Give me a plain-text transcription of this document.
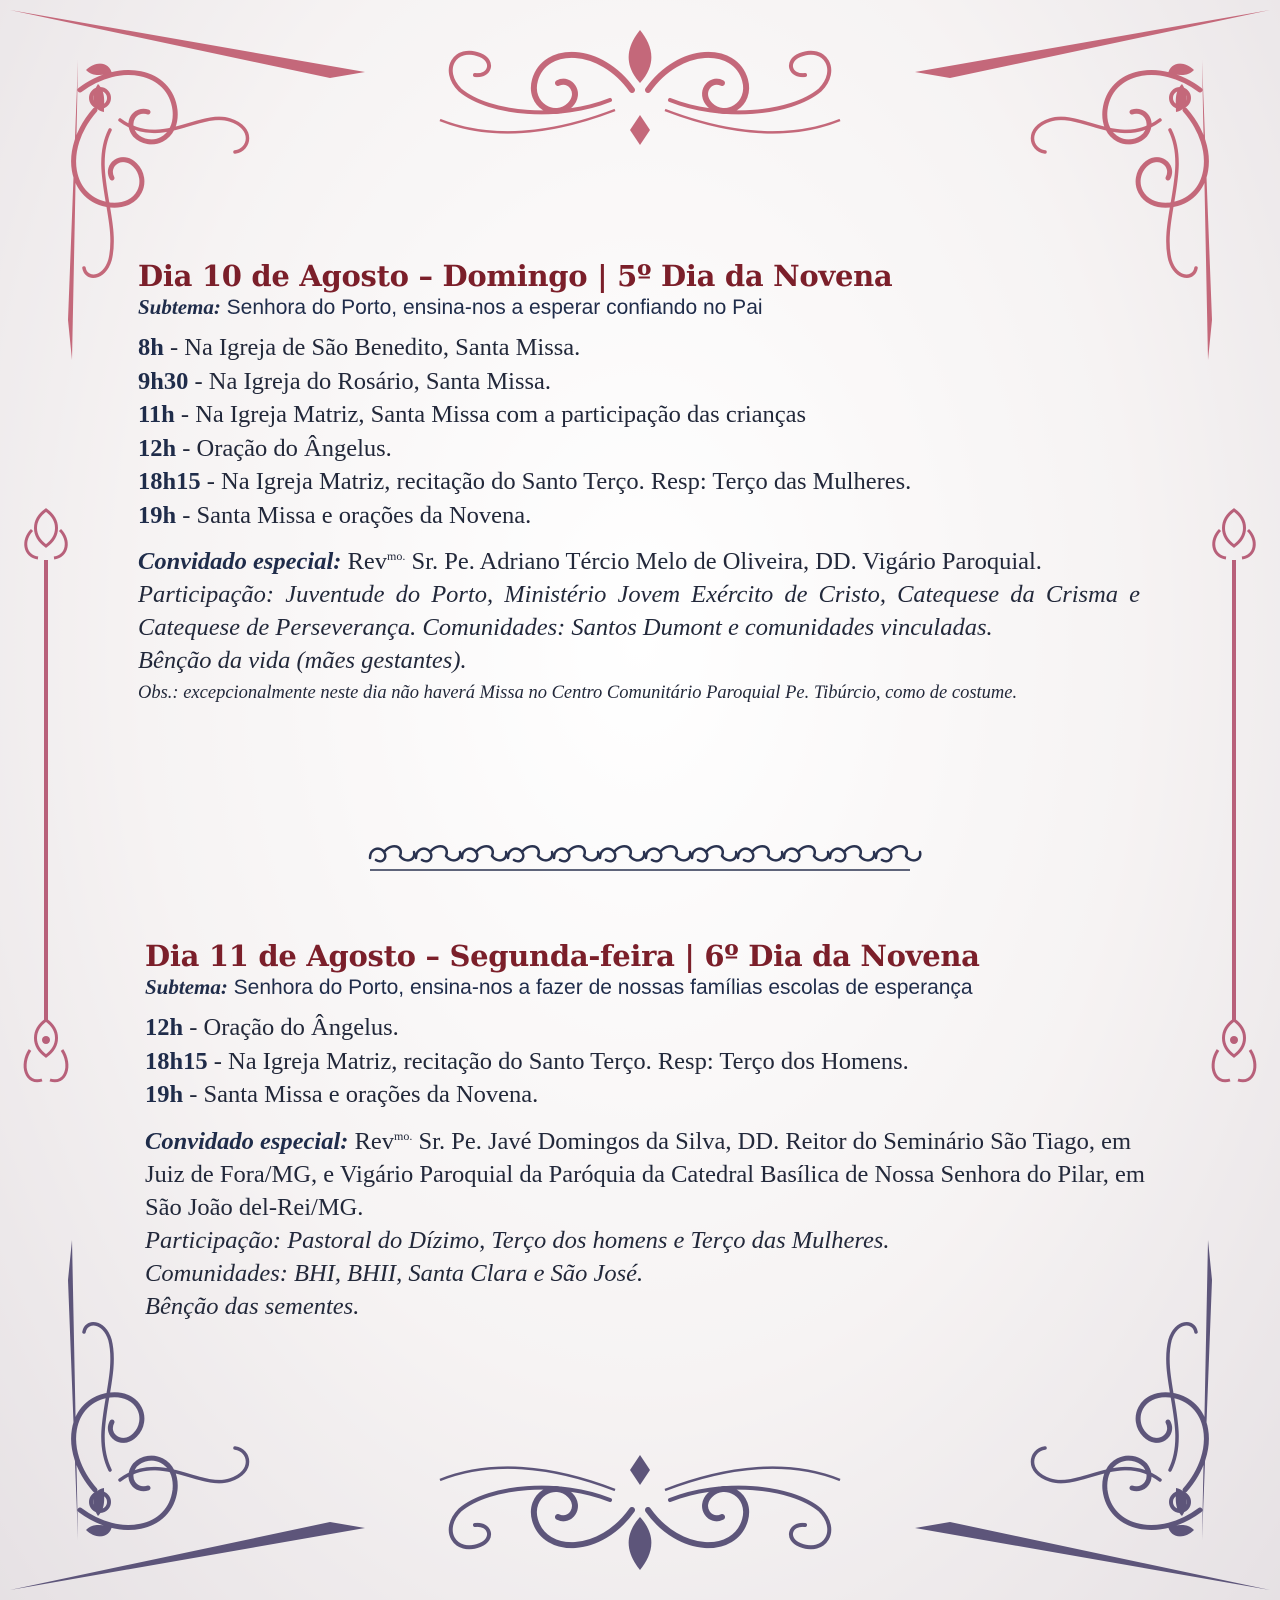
Dia 10 de Agosto – Domingo | 5º Dia da Novena

Subtema: Senhora do Porto, ensina-nos a esperar confiando no Pai

8h - Na Igreja de São Benedito, Santa Missa.
9h30 - Na Igreja do Rosário, Santa Missa.
11h - Na Igreja Matriz, Santa Missa com a participação das crianças
12h - Oração do Ângelus.
18h15 - Na Igreja Matriz, recitação do Santo Terço. Resp: Terço das Mulheres.
19h - Santa Missa e orações da Novena.

Convidado especial: Rev$^{mo.}$ Sr. Pe. Adriano Tércio Melo de Oliveira, DD. Vigário Paroquial.

Participação: Juventude do Porto, Ministério Jovem Exército de Cristo, Catequese da Crisma e Catequese de Perseverança. Comunidades: Santos Dumont e comunidades vinculadas.

Bênção da vida (mães gestantes).

Obs.: excepcionalmente neste dia não haverá Missa no Centro Comunitário Paroquial Pe. Tibúrcio, como de costume.

Dia 11 de Agosto – Segunda-feira | 6º Dia da Novena

Subtema: Senhora do Porto, ensina-nos a fazer de nossas famílias escolas de esperança

12h - Oração do Ângelus.
18h15 - Na Igreja Matriz, recitação do Santo Terço. Resp: Terço dos Homens.
19h - Santa Missa e orações da Novena.

Convidado especial: Rev$^{mo.}$ Sr. Pe. Javé Domingos da Silva, DD. Reitor do Seminário São Tiago, em Juiz de Fora/MG, e Vigário Paroquial da Paróquia da Catedral Basílica de Nossa Senhora do Pilar, em São João del-Rei/MG.

Participação: Pastoral do Dízimo, Terço dos homens e Terço das Mulheres.

Comunidades: BHI, BHII, Santa Clara e São José.

Bênção das sementes.
